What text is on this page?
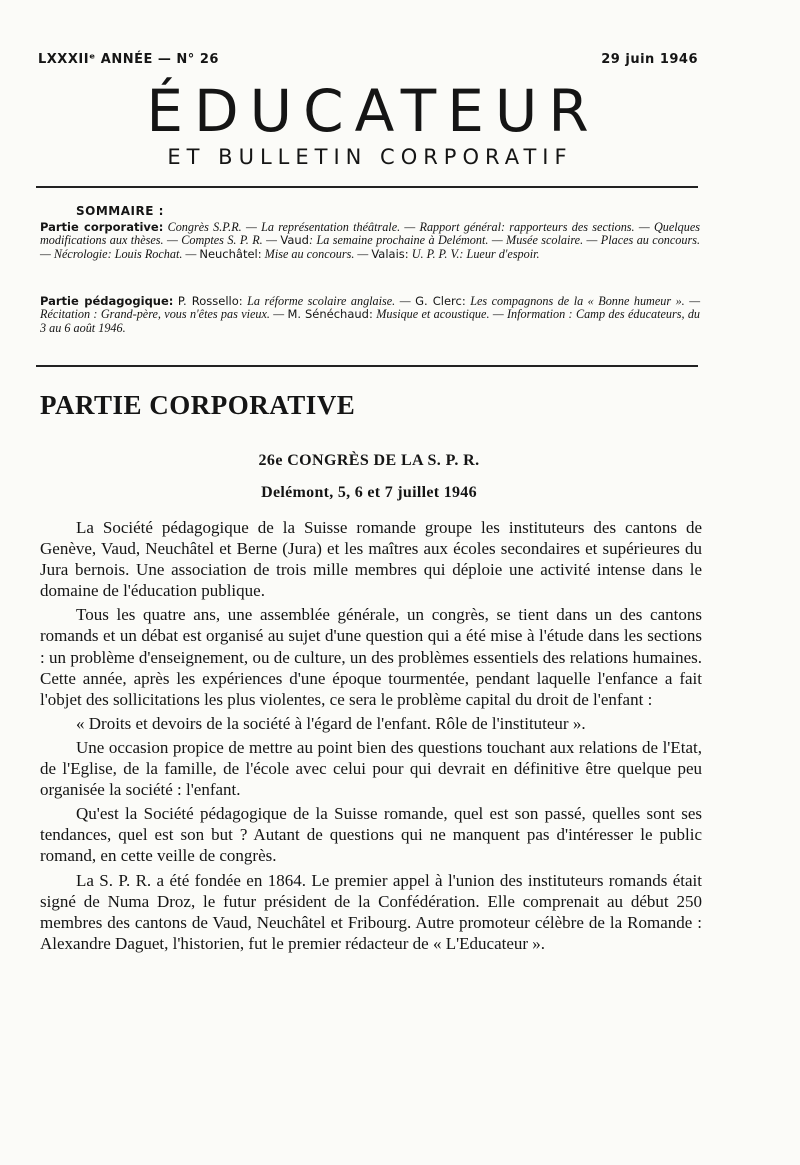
LXXXIIᵉ ANNÉE — N° 26	29 juin 1946
ÉDUCATEUR
ET BULLETIN CORPORATIF
SOMMAIRE :

Partie corporative: Congrès S.P.R. — La représentation théâtrale. — Rapport général: rapporteurs des sections. — Quelques modifications aux thèses. — Comptes S. P. R. — Vaud: La semaine prochaine à Delémont. — Musée scolaire. — Places au concours. — Nécrologie: Louis Rochat. — Neuchâtel: Mise au concours. — Valais: U. P. P. V.: Lueur d'espoir.

Partie pédagogique: P. Rossello: La réforme scolaire anglaise. — G. Clerc: Les compagnons de la « Bonne humeur ». — Récitation : Grand-père, vous n'êtes pas vieux. — M. Sénéchaud: Musique et acoustique. — Information : Camp des éducateurs, du 3 au 6 août 1946.

PARTIE CORPORATIVE
26e CONGRÈS DE LA S. P. R.
Delémont, 5, 6 et 7 juillet 1946

La Société pédagogique de la Suisse romande groupe les instituteurs des cantons de Genève, Vaud, Neuchâtel et Berne (Jura) et les maîtres aux écoles secondaires et supérieures du Jura bernois. Une association de trois mille membres qui déploie une activité intense dans le domaine de l'éducation publique.

Tous les quatre ans, une assemblée générale, un congrès, se tient dans un des cantons romands et un débat est organisé au sujet d'une question qui a été mise à l'étude dans les sections : un problème d'enseignement, ou de culture, un des problèmes essentiels des relations humaines. Cette année, après les expériences d'une époque tourmentée, pendant laquelle l'enfance a fait l'objet des sollicitations les plus violentes, ce sera le problème capital du droit de l'enfant :

« Droits et devoirs de la société à l'égard de l'enfant. Rôle de l'instituteur ».

Une occasion propice de mettre au point bien des questions touchant aux relations de l'Etat, de l'Eglise, de la famille, de l'école avec celui pour qui devrait en définitive être quelque peu organisée la société : l'enfant.

Qu'est la Société pédagogique de la Suisse romande, quel est son passé, quelles sont ses tendances, quel est son but ? Autant de questions qui ne manquent pas d'intéresser le public romand, en cette veille de congrès.

La S. P. R. a été fondée en 1864. Le premier appel à l'union des instituteurs romands était signé de Numa Droz, le futur président de la Confédération. Elle comprenait au début 250 membres des cantons de Vaud, Neuchâtel et Fribourg. Autre promoteur célèbre de la Romande : Alexandre Daguet, l'historien, fut le premier rédacteur de « L'Educateur ».
